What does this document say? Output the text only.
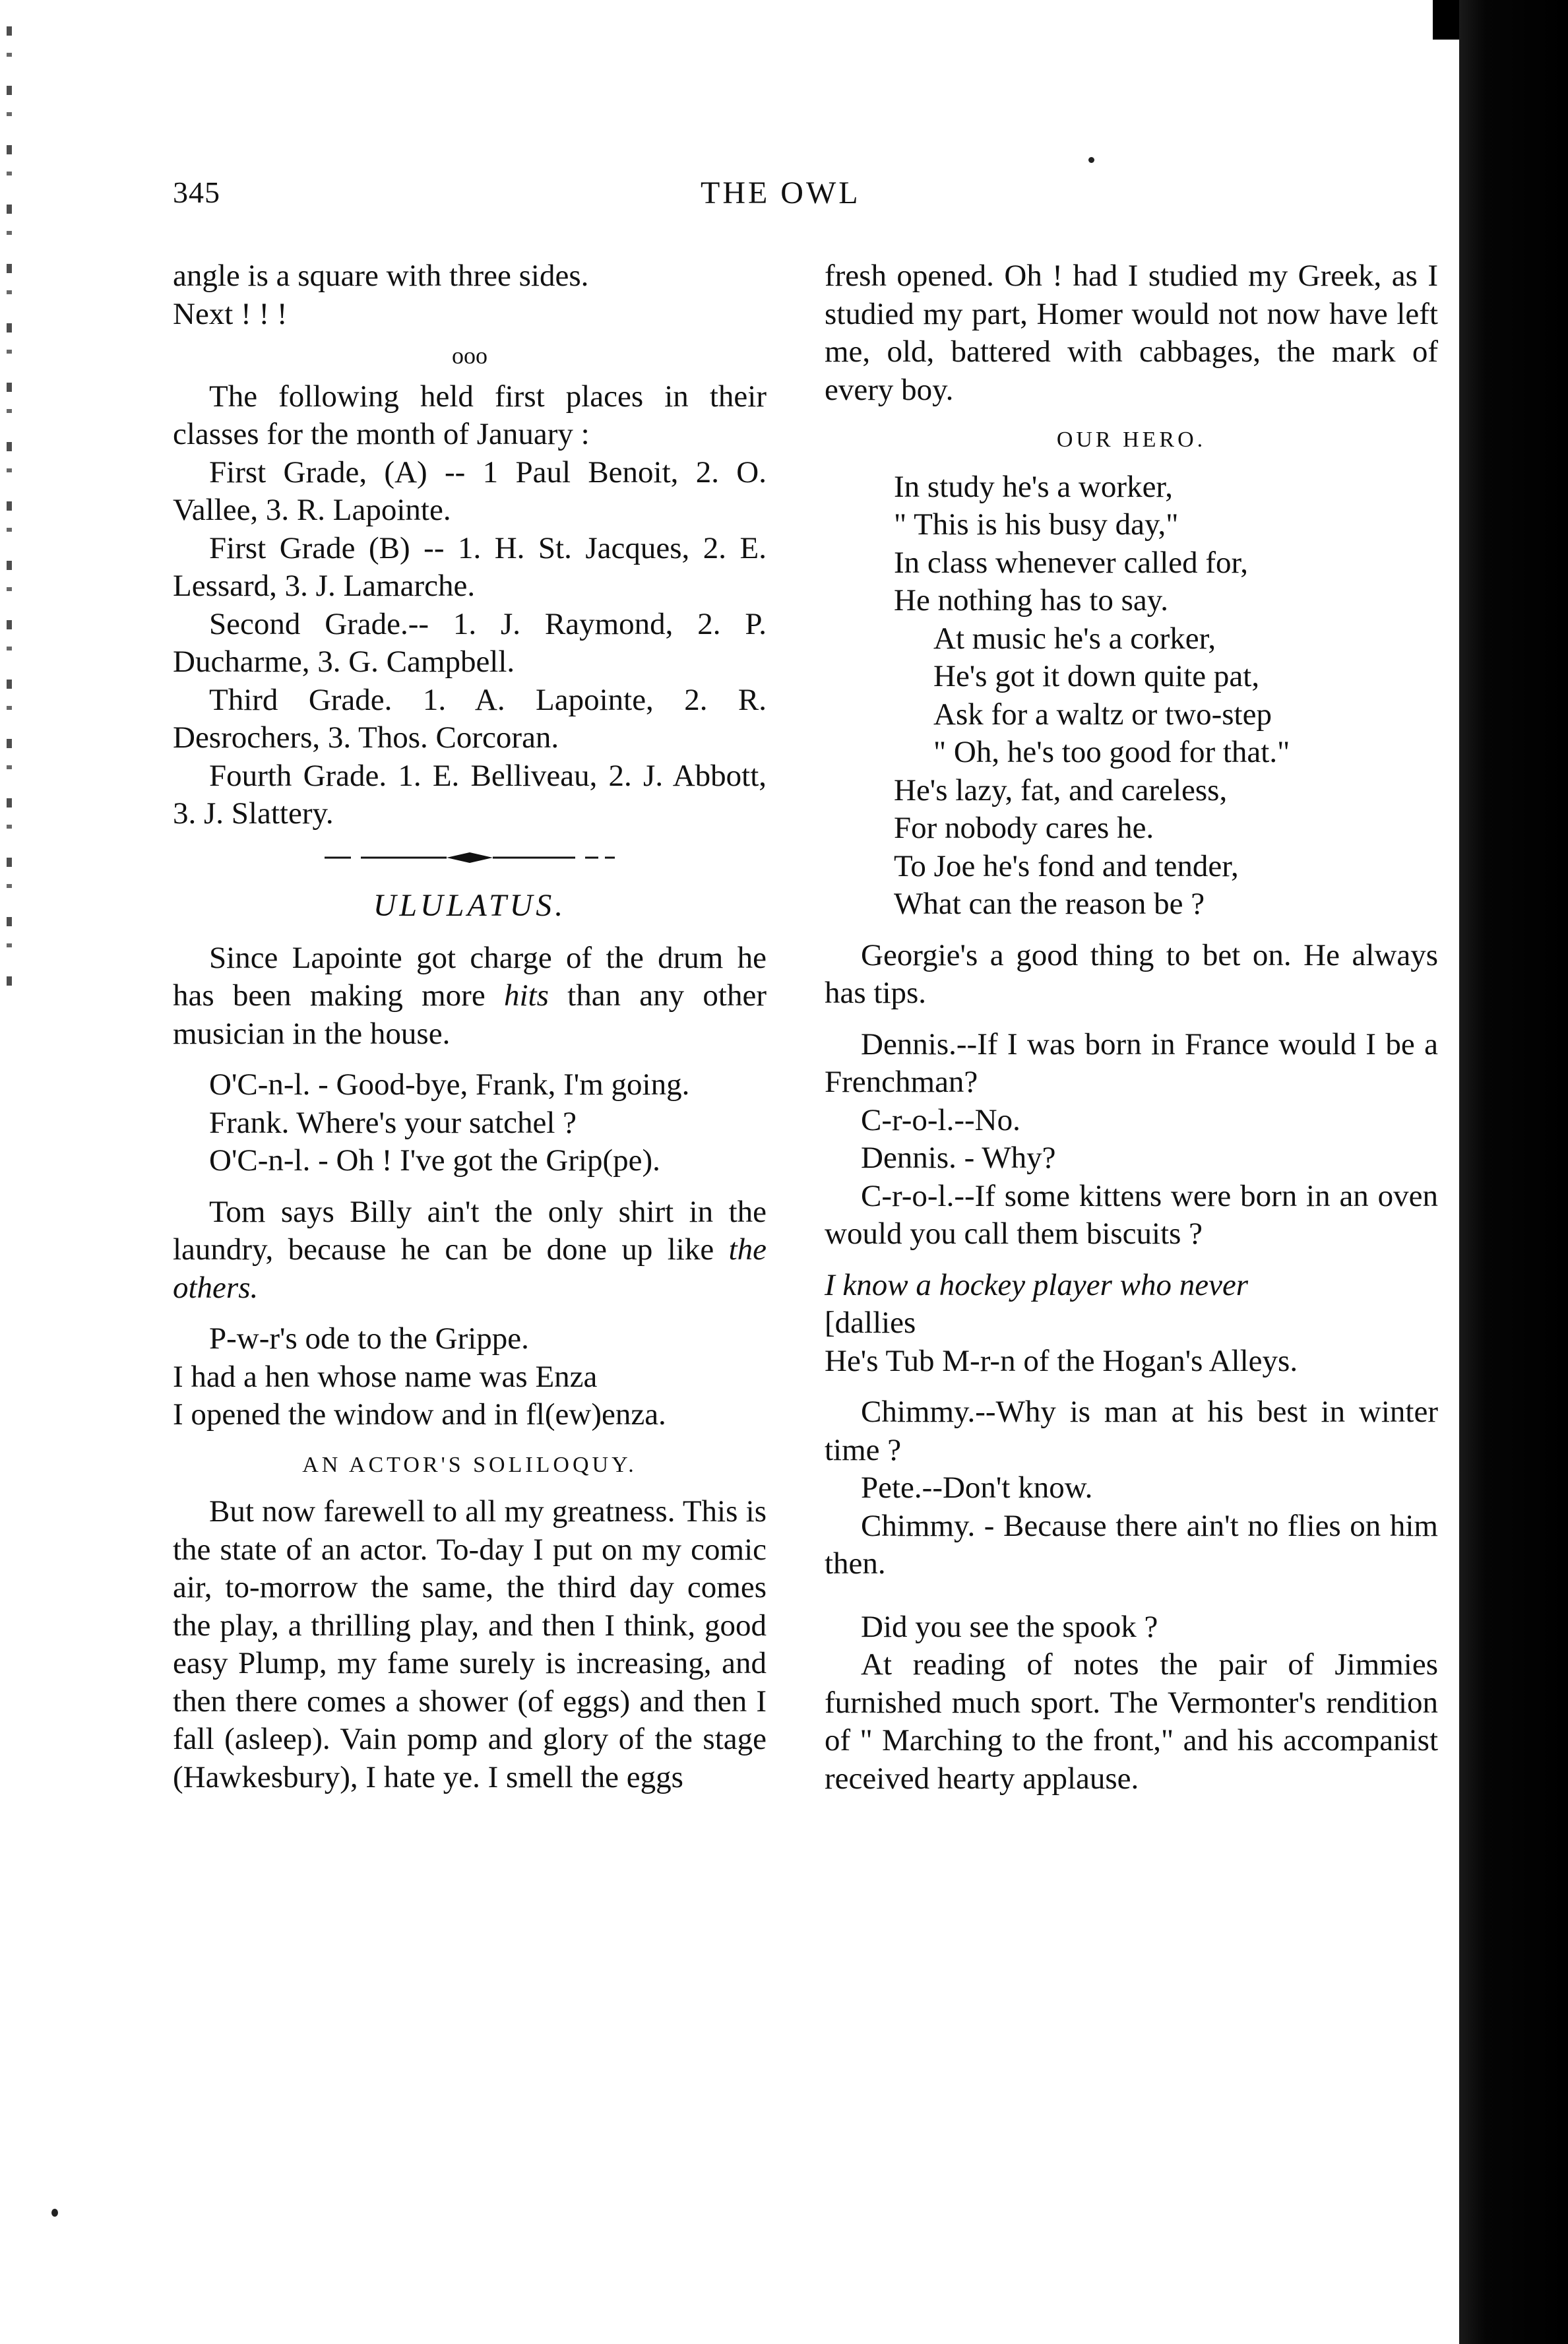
345	THE OWL

angle is a square with three sides.

Next ! ! !

ooo

The following held first places in their classes for the month of January :

First Grade, (A) -- 1 Paul Benoit, 2. O. Vallee, 3. R. Lapointe.

First Grade (B) -- 1. H. St. Jacques, 2. E. Lessard, 3. J. Lamarche.

Second Grade.-- 1. J. Raymond, 2. P. Ducharme, 3. G. Campbell.

Third Grade. 1. A. Lapointe, 2. R. Desrochers, 3. Thos. Corcoran.

Fourth Grade. 1. E. Belliveau, 2. J. Abbott, 3. J. Slattery.

ULULATUS.

Since Lapointe got charge of the drum he has been making more hits than any other musician in the house.

O'C-n-l. - Good-bye, Frank, I'm going.

Frank. Where's your satchel ?

O'C-n-l. - Oh ! I've got the Grip(pe).

Tom says Billy ain't the only shirt in the laundry, because he can be done up like the others.

P-w-r's ode to the Grippe.

I had a hen whose name was Enza

I opened the window and in fl(ew)enza.

AN ACTOR'S SOLILOQUY.

But now farewell to all my greatness. This is the state of an actor. To-day I put on my comic air, to-morrow the same, the third day comes the play, a thrilling play, and then I think, good easy Plump, my fame surely is increasing, and then there comes a shower (of eggs) and then I fall (asleep). Vain pomp and glory of the stage (Hawkesbury), I hate ye. I smell the eggs

fresh opened. Oh ! had I studied my Greek, as I studied my part, Homer would not now have left me, old, battered with cabbages, the mark of every boy.

OUR HERO.

In study he's a worker,
" This is his busy day,"
In class whenever called for,
He nothing has to say.
At music he's a corker,
He's got it down quite pat,
Ask for a waltz or two-step
" Oh, he's too good for that."
He's lazy, fat, and careless,
For nobody cares he.
To Joe he's fond and tender,
What can the reason be ?

Georgie's a good thing to bet on. He always has tips.

Dennis.--If I was born in France would I be a Frenchman?

C-r-o-l.--No.

Dennis. - Why?

C-r-o-l.--If some kittens were born in an oven would you call them biscuits ?

I know a hockey player who never

[dallies

He's Tub M-r-n of the Hogan's Alleys.

Chimmy.--Why is man at his best in winter time ?

Pete.--Don't know.

Chimmy. - Because there ain't no flies on him then.

Did you see the spook ?

At reading of notes the pair of Jimmies furnished much sport. The Vermonter's rendition of " Marching to the front," and his accompanist received hearty applause.
